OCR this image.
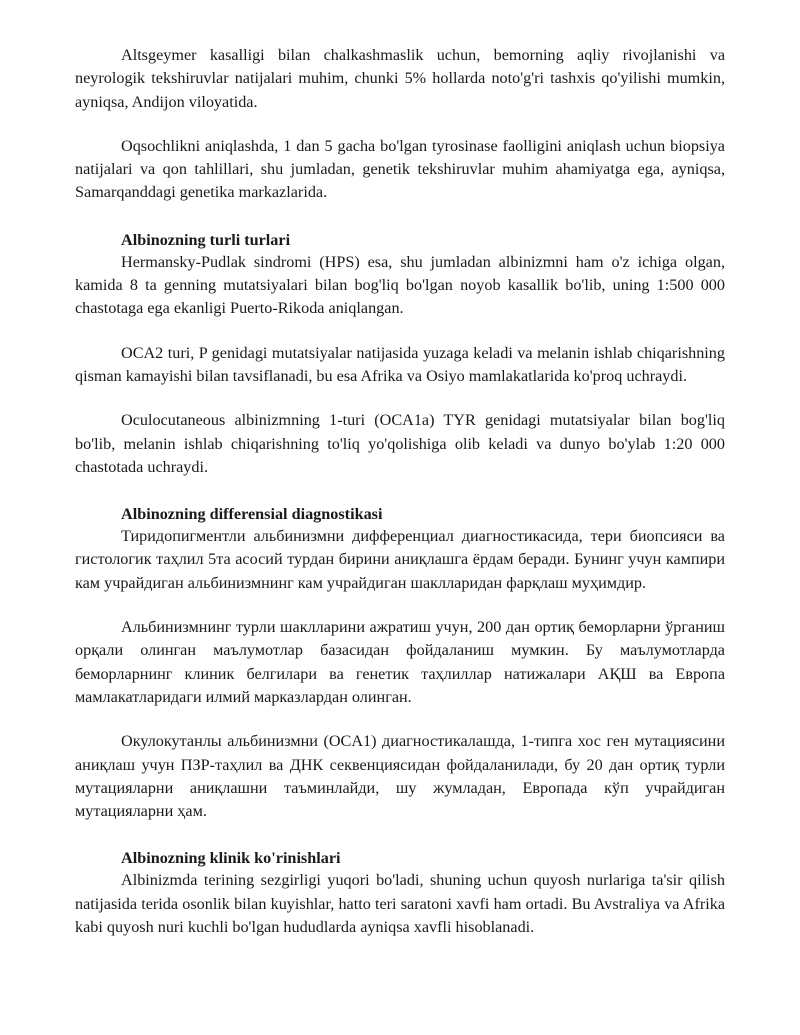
Altsgeymer kasalligi bilan chalkashmaslik uchun, bemorning aqliy rivojlanishi va neyrologik tekshiruvlar natijalari muhim, chunki 5% hollarda noto'g'ri tashxis qo'yilishi mumkin, ayniqsa, Andijon viloyatida.

Oqsochlikni aniqlashda, 1 dan 5 gacha bo'lgan tyrosinase faolligini aniqlash uchun biopsiya natijalari va qon tahlillari, shu jumladan, genetik tekshiruvlar muhim ahamiyatga ega, ayniqsa, Samarqanddagi genetika markazlarida.

Albinozning turli turlari

Hermansky-Pudlak sindromi (HPS) esa, shu jumladan albinizmni ham o'z ichiga olgan, kamida 8 ta genning mutatsiyalari bilan bog'liq bo'lgan noyob kasallik bo'lib, uning 1:500 000 chastotaga ega ekanligi Puerto-Rikoda aniqlangan.

OCA2 turi, P genidagi mutatsiyalar natijasida yuzaga keladi va melanin ishlab chiqarishning qisman kamayishi bilan tavsiflanadi, bu esa Afrika va Osiyo mamlakatlarida ko'proq uchraydi.

Oculocutaneous albinizmning 1-turi (OCA1a) TYR genidagi mutatsiyalar bilan bog'liq bo'lib, melanin ishlab chiqarishning to'liq yo'qolishiga olib keladi va dunyo bo'ylab 1:20 000 chastotada uchraydi.

Albinozning differensial diagnostikasi

Тиридопигментли альбинизмни дифференциал диагностикасида, тери биопсияси ва гистологик таҳлил 5та асосий турдан бирини аниқлашга ёрдам беради. Бунинг учун кампири кам учрайдиган альбинизмнинг кам учрайдиган шаклларидан фарқлаш муҳимдир.

Альбинизмнинг турли шаклларини ажратиш учун, 200 дан ортиқ беморларни ўрганиш орқали олинган маълумотлар базасидан фойдаланиш мумкин. Бу маълумотларда беморларнинг клиник белгилари ва генетик таҳлиллар натижалари АҚШ ва Европа мамлакатларидаги илмий марказлардан олинган.

Окулокутанлы альбинизмни (OCA1) диагностикалашда, 1-типга хос ген мутациясини аниқлаш учун ПЗР-таҳлил ва ДНК секвенциясидан фойдаланилади, бу 20 дан ортиқ турли мутацияларни аниқлашни таъминлайди, шу жумладан, Европада кўп учрайдиган мутацияларни ҳам.

Albinozning klinik ko'rinishlari

Albinizmda terining sezgirligi yuqori bo'ladi, shuning uchun quyosh nurlariga ta'sir qilish natijasida terida osonlik bilan kuyishlar, hatto teri saratoni xavfi ham ortadi. Bu Avstraliya va Afrika kabi quyosh nuri kuchli bo'lgan hududlarda ayniqsa xavfli hisoblanadi.
